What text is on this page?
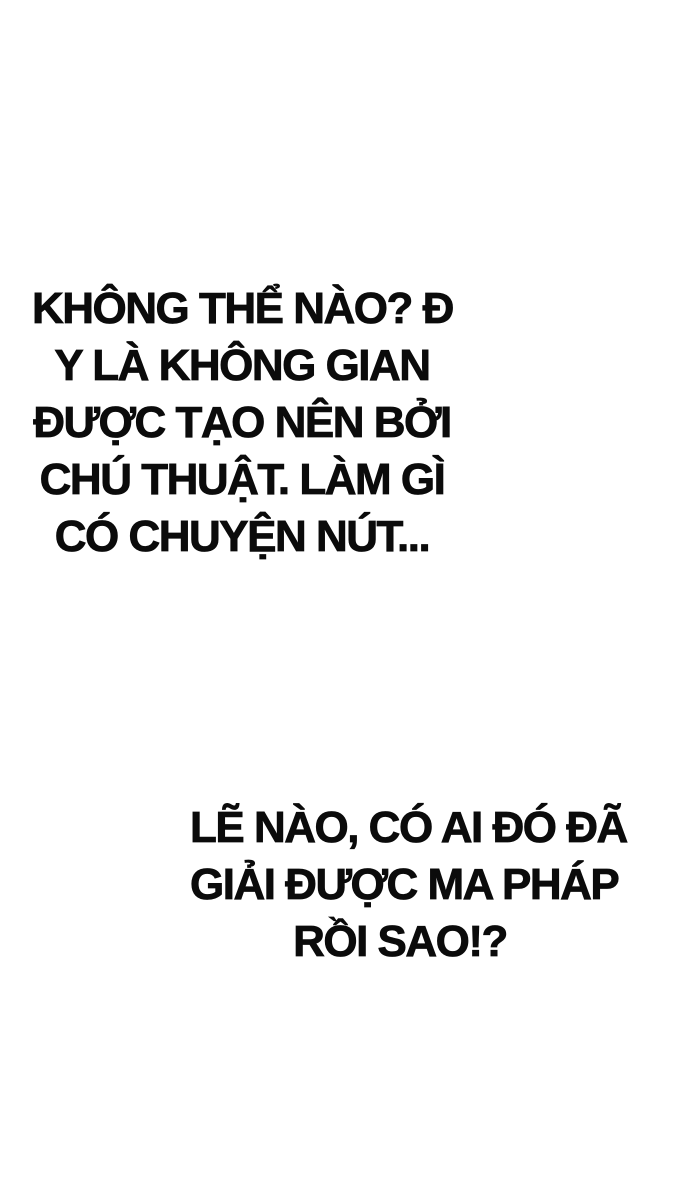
KHÔNG THỂ NÀO? Đ
Y LÀ KHÔNG GIAN
ĐƯỢC TẠO NÊN BỞI
CHÚ THUẬT. LÀM GÌ
CÓ CHUYỆN NÚT...
LẼ NÀO, CÓ AI ĐÓ ĐÃ
GIẢI ĐƯỢC MA PHÁP
RỒI SAO!?
